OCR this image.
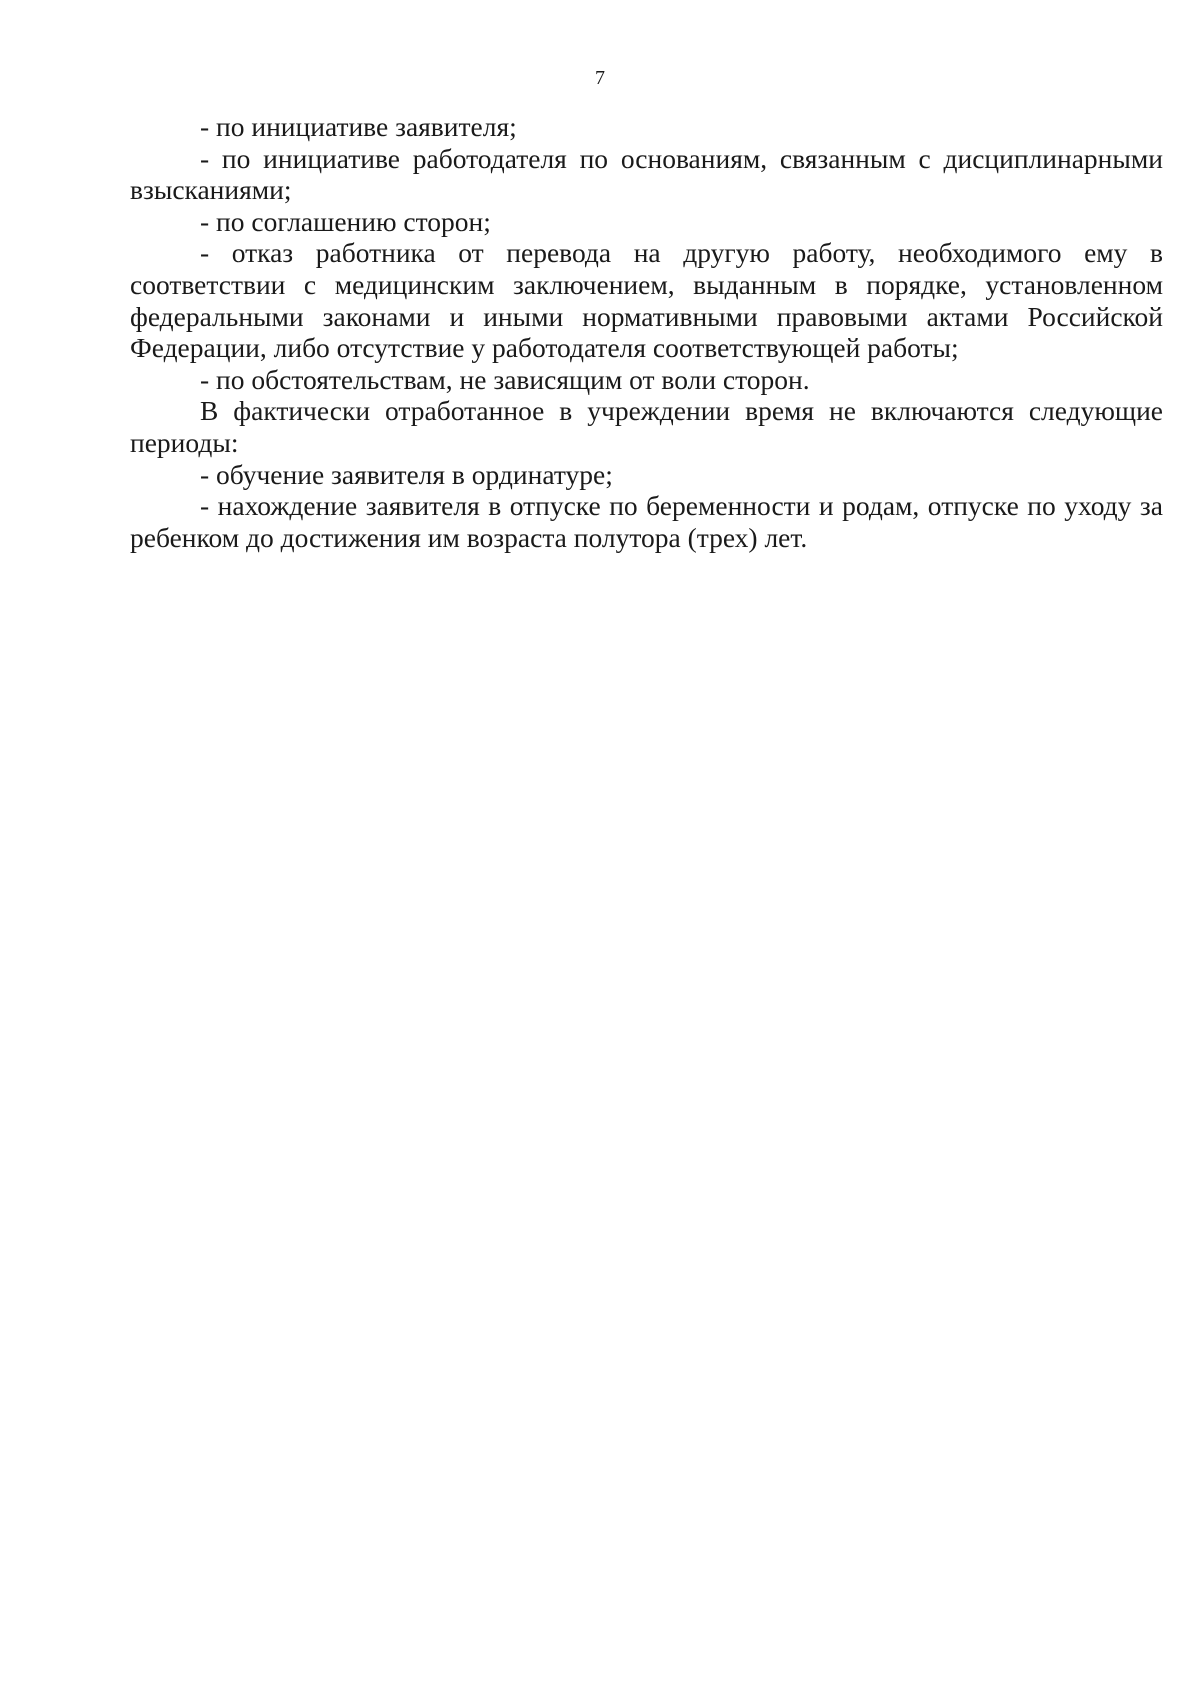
7

- по инициативе заявителя;

- по инициативе работодателя по основаниям, связанным с дисциплинарными взысканиями;

- по соглашению сторон;

- отказ работника от перевода на другую работу, необходимого ему в соответствии с медицинским заключением, выданным в порядке, установленном федеральными законами и иными нормативными правовыми актами Российской Федерации, либо отсутствие у работодателя соответствующей работы;

- по обстоятельствам, не зависящим от воли сторон.

В фактически отработанное в учреждении время не включаются следующие периоды:

- обучение заявителя в ординатуре;

- нахождение заявителя в отпуске по беременности и родам, отпуске по уходу за ребенком до достижения им возраста полутора (трех) лет.
